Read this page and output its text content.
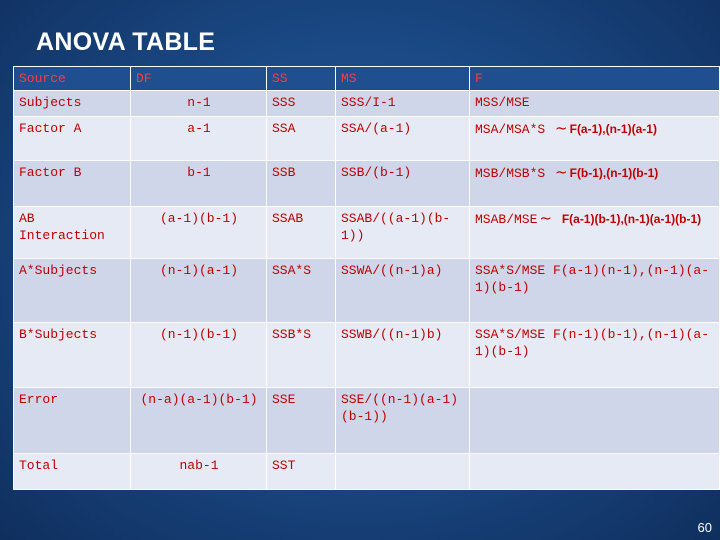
ANOVA TABLE
Source	DF	SS	MS	F
Subjects	n-1	SSS	SSS/I-1	MSS/MSE
Factor A	a-1	SSA	SSA/(a-1)	MSA/MSA*S ~ F(a-1),(n-1)(a-1)
Factor B	b-1	SSB	SSB/(b-1)	MSB/MSB*S ~ F(b-1),(n-1)(b-1)
AB Interaction	(a-1)(b-1)	SSAB	SSAB/((a-1)(b-1))	MSAB/MSE ~ F(a-1)(b-1),(n-1)(a-1)(b-1)
A*Subjects	(n-1)(a-1)	SSA*S	SSWA/((n-1)a)	SSA*S/MSE F(a-1)(n-1),(n-1)(a-1)(b-1)
B*Subjects	(n-1)(b-1)	SSB*S	SSWB/((n-1)b)	SSA*S/MSE F(n-1)(b-1),(n-1)(a-1)(b-1)
Error	(n-a)(a-1)(b-1)	SSE	SSE/((n-1)(a-1)(b-1))	
Total	nab-1	SST		
60
